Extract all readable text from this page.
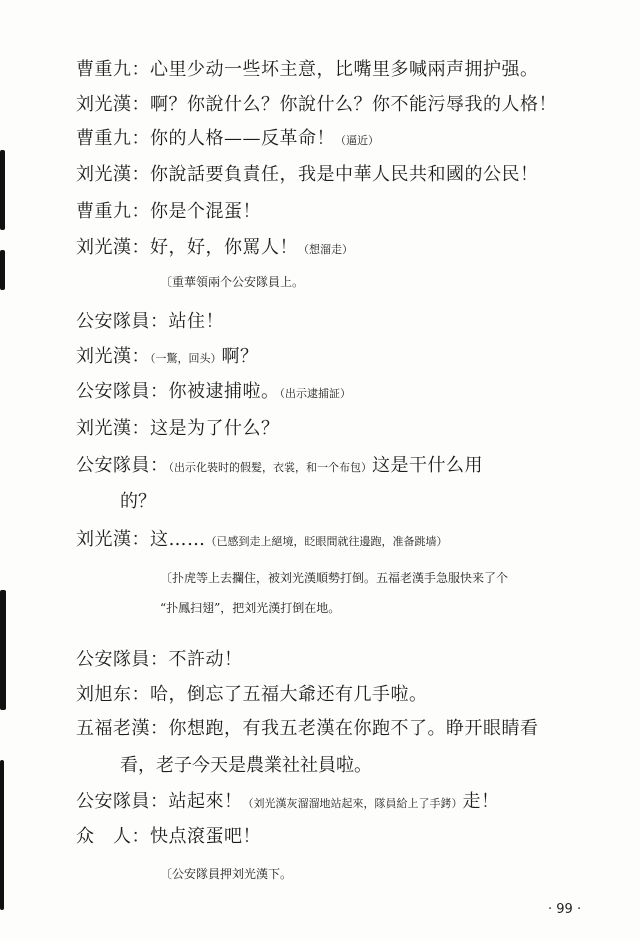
曹重九：心里少动一些坏主意，比嘴里多喊兩声拥护强。
刘光漢：啊？你說什么？你說什么？你不能污辱我的人格！
曹重九：你的人格——反革命！（逼近）
刘光漢：你說話要負責任，我是中華人民共和國的公民！
曹重九：你是个混蛋！
刘光漢：好，好，你罵人！（想溜走）
〔重華領兩个公安隊員上。
公安隊員：站住！
刘光漢：（一驚，回头）啊？
公安隊員：你被逮捕啦。（出示逮捕証）
刘光漢：这是为了什么？
公安隊員：（出示化裝时的假髮，衣裳，和一个布包）这是干什么用
的？
刘光漢：这……（已感到走上絕境，眨眼間就往邊跑，准备跳墙）
〔扑虎等上去攔住，被刘光漢順勢打倒。五福老漢手急服快来了个
“扑鳳扫翅”，把刘光漢打倒在地。
公安隊員：不許动！
刘旭东：哈，倒忘了五福大爺还有几手啦。
五福老漢：你想跑，有我五老漢在你跑不了。睁开眼睛看
看，老子今天是農業社社員啦。
公安隊員：站起來！（刘光漢灰溜溜地站起來，隊員給上了手銬）走！
众　人：快点滾蛋吧！
〔公安隊員押刘光漢下。
· 99 ·
